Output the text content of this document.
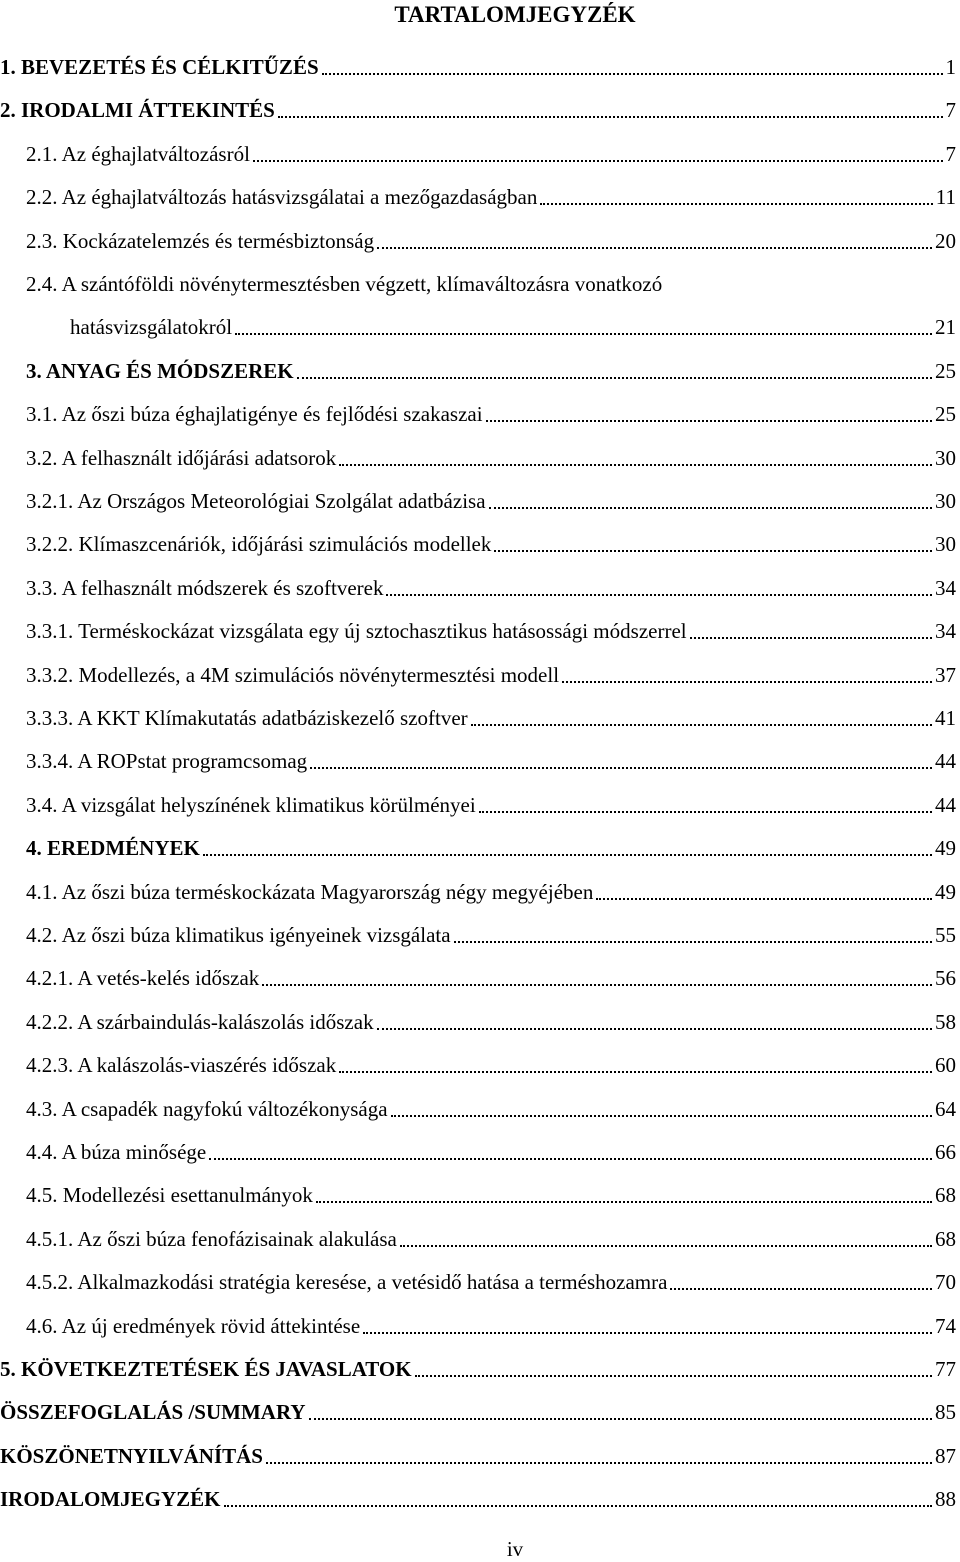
TARTALOMJEGYZÉK
1. BEVEZETÉS ÉS CÉLKITŰZÉS	1
2. IRODALMI ÁTTEKINTÉS	7
2.1. Az éghajlatváltozásról	7
2.2. Az éghajlatváltozás hatásvizsgálatai a mezőgazdaságban	11
2.3. Kockázatelemzés és termésbiztonság	20
2.4. A szántóföldi növénytermesztésben végzett, klímaváltozásra vonatkozó
hatásvizsgálatokról	21
3. ANYAG ÉS MÓDSZEREK	25
3.1. Az őszi búza éghajlatigénye és fejlődési szakaszai	25
3.2. A felhasznált időjárási adatsorok	30
3.2.1. Az Országos Meteorológiai Szolgálat adatbázisa	30
3.2.2. Klímaszcenáriók, időjárási szimulációs modellek	30
3.3. A felhasznált módszerek és szoftverek	34
3.3.1. Terméskockázat vizsgálata egy új sztochasztikus hatásossági módszerrel	34
3.3.2. Modellezés, a 4M szimulációs növénytermesztési modell	37
3.3.3. A KKT Klímakutatás adatbáziskezelő szoftver	41
3.3.4. A ROPstat programcsomag	44
3.4. A vizsgálat helyszínének klimatikus körülményei	44
4. EREDMÉNYEK	49
4.1. Az őszi búza terméskockázata Magyarország négy megyéjében	49
4.2. Az őszi búza klimatikus igényeinek vizsgálata	55
4.2.1. A vetés-kelés időszak	56
4.2.2. A szárbaindulás-kalászolás időszak	58
4.2.3. A kalászolás-viaszérés időszak	60
4.3. A csapadék nagyfokú változékonysága	64
4.4. A búza minősége	66
4.5. Modellezési esettanulmányok	68
4.5.1. Az őszi búza fenofázisainak alakulása	68
4.5.2. Alkalmazkodási stratégia keresése, a vetésidő hatása a terméshozamra	70
4.6. Az új eredmények rövid áttekintése	74
5. KÖVETKEZTETÉSEK ÉS JAVASLATOK	77
ÖSSZEFOGLALÁS /SUMMARY	85
KÖSZÖNETNYILVÁNÍTÁS	87
IRODALOMJEGYZÉK	88
iv
